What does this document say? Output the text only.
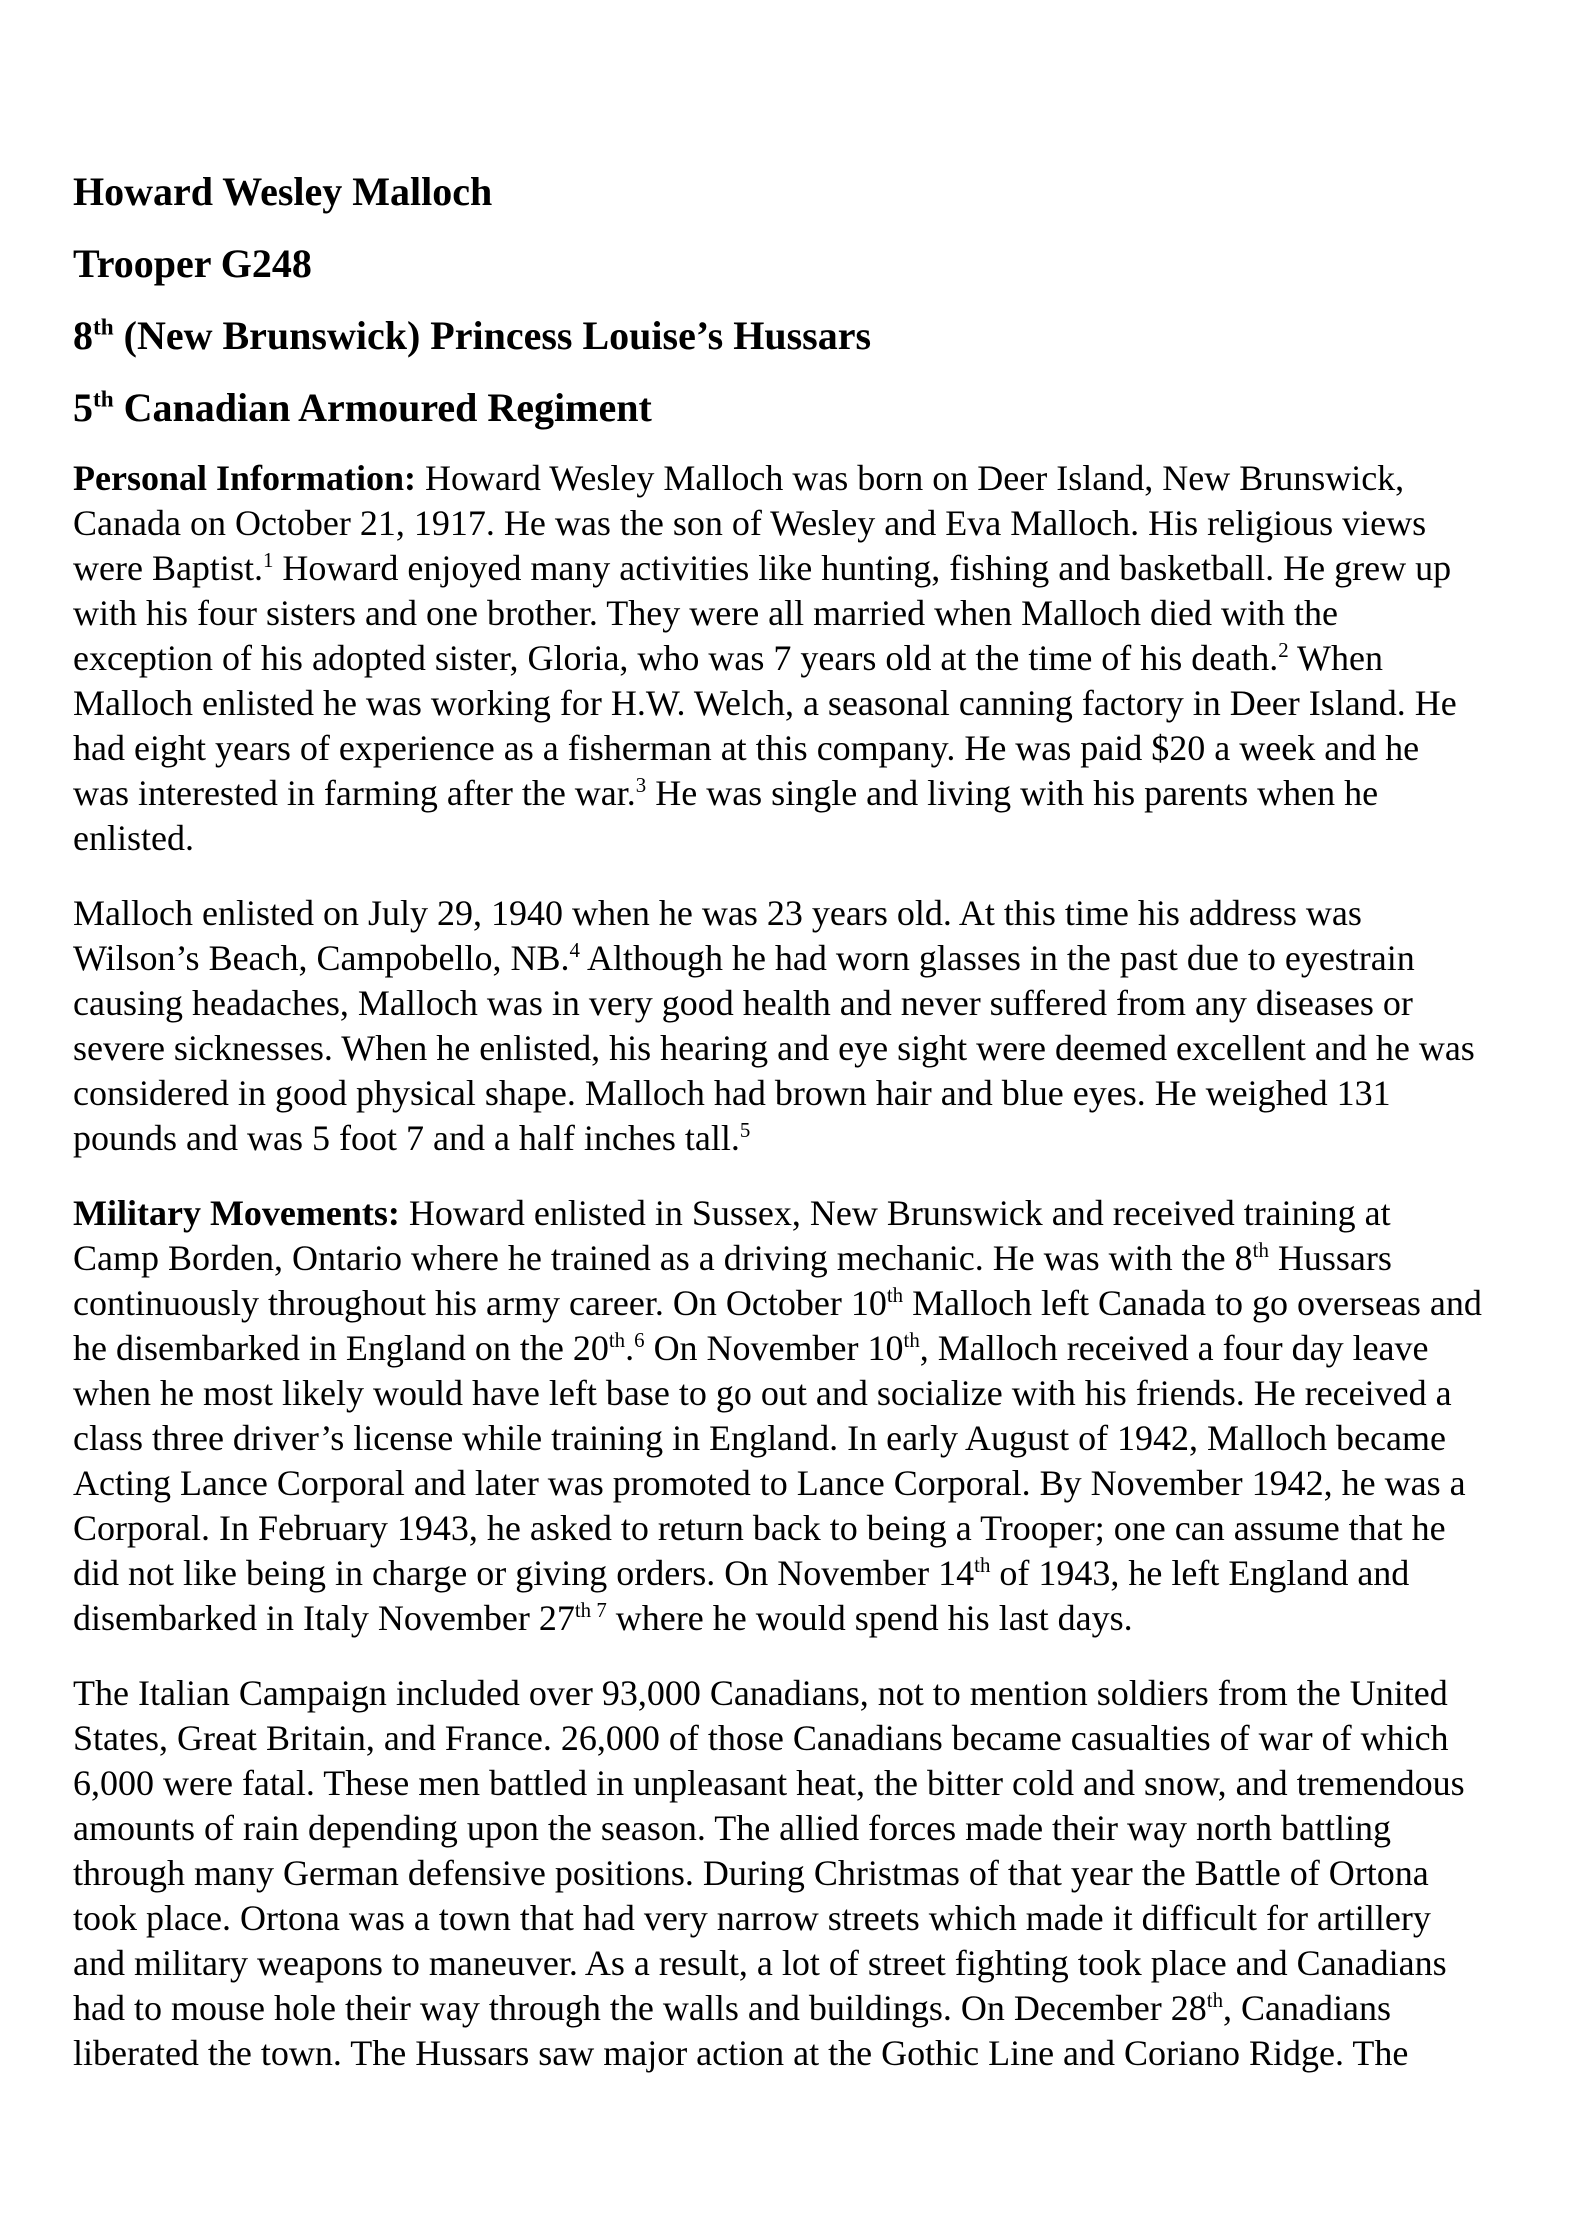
Howard Wesley Malloch

Trooper G248

8th (New Brunswick) Princess Louise’s Hussars

5th Canadian Armoured Regiment

Personal Information: Howard Wesley Malloch was born on Deer Island, New Brunswick, Canada on October 21, 1917. He was the son of Wesley and Eva Malloch. His religious views were Baptist.$^1$ Howard enjoyed many activities like hunting, fishing and basketball. He grew up with his four sisters and one brother. They were all married when Malloch died with the exception of his adopted sister, Gloria, who was 7 years old at the time of his death.$^2$ When Malloch enlisted he was working for H.W. Welch, a seasonal canning factory in Deer Island. He had eight years of experience as a fisherman at this company. He was paid $20 a week and he was interested in farming after the war.$^3$ He was single and living with his parents when he enlisted.

Malloch enlisted on July 29, 1940 when he was 23 years old. At this time his address was Wilson’s Beach, Campobello, NB.$^4$ Although he had worn glasses in the past due to eyestrain causing headaches, Malloch was in very good health and never suffered from any diseases or severe sicknesses. When he enlisted, his hearing and eye sight were deemed excellent and he was considered in good physical shape. Malloch had brown hair and blue eyes. He weighed 131 pounds and was 5 foot 7 and a half inches tall.$^5$

Military Movements: Howard enlisted in Sussex, New Brunswick and received training at Camp Borden, Ontario where he trained as a driving mechanic. He was with the 8th Hussars continuously throughout his army career. On October 10th Malloch left Canada to go overseas and he disembarked in England on the 20th.$^6$ On November 10th, Malloch received a four day leave when he most likely would have left base to go out and socialize with his friends. He received a class three driver’s license while training in England. In early August of 1942, Malloch became Acting Lance Corporal and later was promoted to Lance Corporal. By November 1942, he was a Corporal. In February 1943, he asked to return back to being a Trooper; one can assume that he did not like being in charge or giving orders. On November 14th of 1943, he left England and disembarked in Italy November $27^{th 7}$ where he would spend his last days.

The Italian Campaign included over 93,000 Canadians, not to mention soldiers from the United States, Great Britain, and France. 26,000 of those Canadians became casualties of war of which 6,000 were fatal. These men battled in unpleasant heat, the bitter cold and snow, and tremendous amounts of rain depending upon the season. The allied forces made their way north battling through many German defensive positions. During Christmas of that year the Battle of Ortona took place. Ortona was a town that had very narrow streets which made it difficult for artillery and military weapons to maneuver. As a result, a lot of street fighting took place and Canadians had to mouse hole their way through the walls and buildings. On December 28th, Canadians liberated the town. The Hussars saw major action at the Gothic Line and Coriano Ridge. The
